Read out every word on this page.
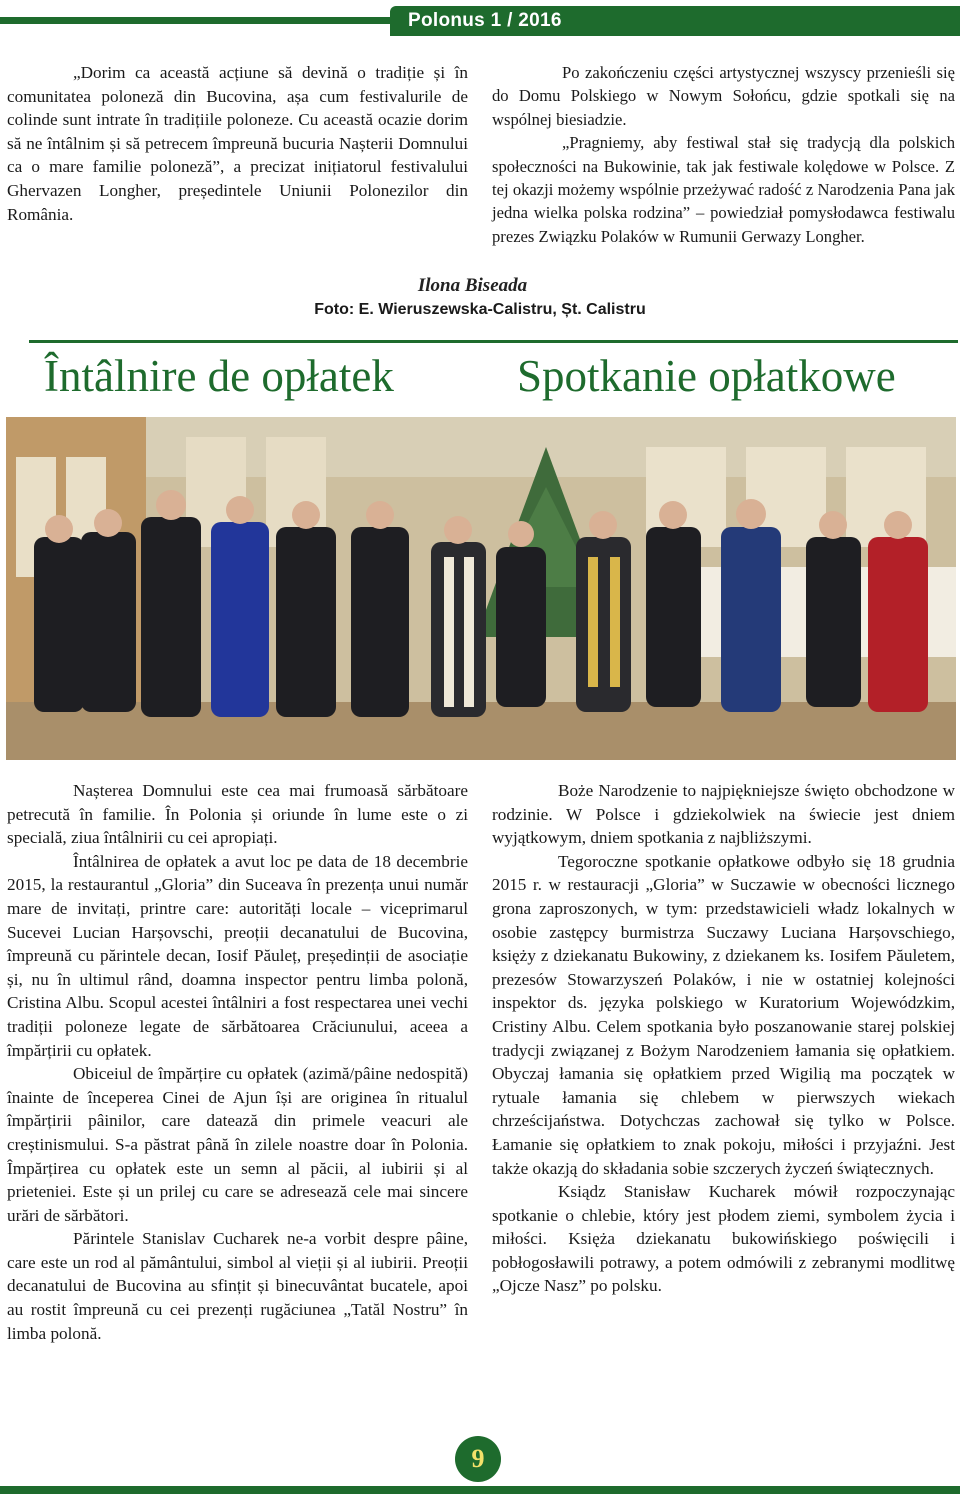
Polonus 1 / 2016

„Dorim ca această acțiune să devină o tradiție și în comunitatea poloneză din Bucovina, așa cum festivalurile de colinde sunt intrate în tradițiile poloneze. Cu această ocazie dorim să ne întâlnim și să petrecem împreună bucuria Nașterii Domnului ca o mare familie poloneză”, a precizat inițiatorul festivalului Ghervazen Longher, președintele Uniunii Polonezilor din România.

Po zakończeniu części artystycznej wszyscy przenieśli się do Domu Polskiego w Nowym Sołońcu, gdzie spotkali się na wspólnej biesiadzie.

„Pragniemy, aby festiwal stał się tradycją dla polskich społeczności na Bukowinie, tak jak festiwale kolędowe w Polsce. Z tej okazji możemy wspólnie przeżywać radość z Narodzenia Pana jak jedna wielka polska rodzina” – powiedział pomysłodawca festiwalu prezes Związku Polaków w Rumunii Gerwazy Longher.

Ilona Biseada
Foto: E. Wieruszewska-Calistru, Șt. Calistru
Întâlnire de opłatek	Spotkanie opłatkowe

Nașterea Domnului este cea mai frumoasă sărbătoare petrecută în familie. În Polonia și oriunde în lume este o zi specială, ziua întâlnirii cu cei apropiați.

Întâlnirea de opłatek a avut loc pe data de 18 decembrie 2015, la restaurantul „Gloria” din Suceava în prezența unui număr mare de invitați, printre care: autorități locale – viceprimarul Sucevei Lucian Harșovschi, preoții decanatului de Bucovina, împreună cu părintele decan, Iosif Păuleț, președinții de asociație și, nu în ultimul rând, doamna inspector pentru limba polonă, Cristina Albu. Scopul acestei întâlniri a fost respectarea unei vechi tradiții poloneze legate de sărbătoarea Crăciunului, aceea a împărțirii cu opłatek.

Obiceiul de împărțire cu opłatek (azimă/pâine nedospită) înainte de începerea Cinei de Ajun își are originea în ritualul împărțirii pâinilor, care datează din primele veacuri ale creștinismului. S-a păstrat până în zilele noastre doar în Polonia. Împărțirea cu opłatek este un semn al păcii, al iubirii și al prieteniei. Este și un prilej cu care se adresează cele mai sincere urări de sărbători.

Părintele Stanislav Cucharek ne-a vorbit despre pâine, care este un rod al pământului, simbol al vieții și al iubirii. Preoții decanatului de Bucovina au sfințit și binecuvântat bucatele, apoi au rostit împreună cu cei prezenți rugăciunea „Tatăl Nostru” în limba polonă.

Boże Narodzenie to najpiękniejsze święto obchodzone w rodzinie. W Polsce i gdziekolwiek na świecie jest dniem wyjątkowym, dniem spotkania z najbliższymi.

Tegoroczne spotkanie opłatkowe odbyło się 18 grudnia 2015 r. w restauracji „Gloria” w Suczawie w obecności licznego grona zaproszonych, w tym: przedstawicieli władz lokalnych w osobie zastępcy burmistrza Suczawy Luciana Harșovschiego, księży z dziekanatu Bukowiny, z dziekanem ks. Iosifem Păuletem, prezesów Stowarzyszeń Polaków, i nie w ostatniej kolejności inspektor ds. języka polskiego w Kuratorium Wojewódzkim, Cristiny Albu. Celem spotkania było poszanowanie starej polskiej tradycji związanej z Bożym Narodzeniem łamania się opłatkiem. Obyczaj łamania się opłatkiem przed Wigilią ma początek w rytuale łamania się chlebem w pierwszych wiekach chrześcijaństwa. Dotychczas zachował się tylko w Polsce. Łamanie się opłatkiem to znak pokoju, miłości i przyjaźni. Jest także okazją do składania sobie szczerych życzeń świątecznych.

Ksiądz Stanisław Kucharek mówił rozpoczynając spotkanie o chlebie, który jest płodem ziemi, symbolem życia i miłości. Księża dziekanatu bukowińskiego poświęcili i pobłogosławili potrawy, a potem odmówili z zebranymi modlitwę „Ojcze Nasz” po polsku.

9
